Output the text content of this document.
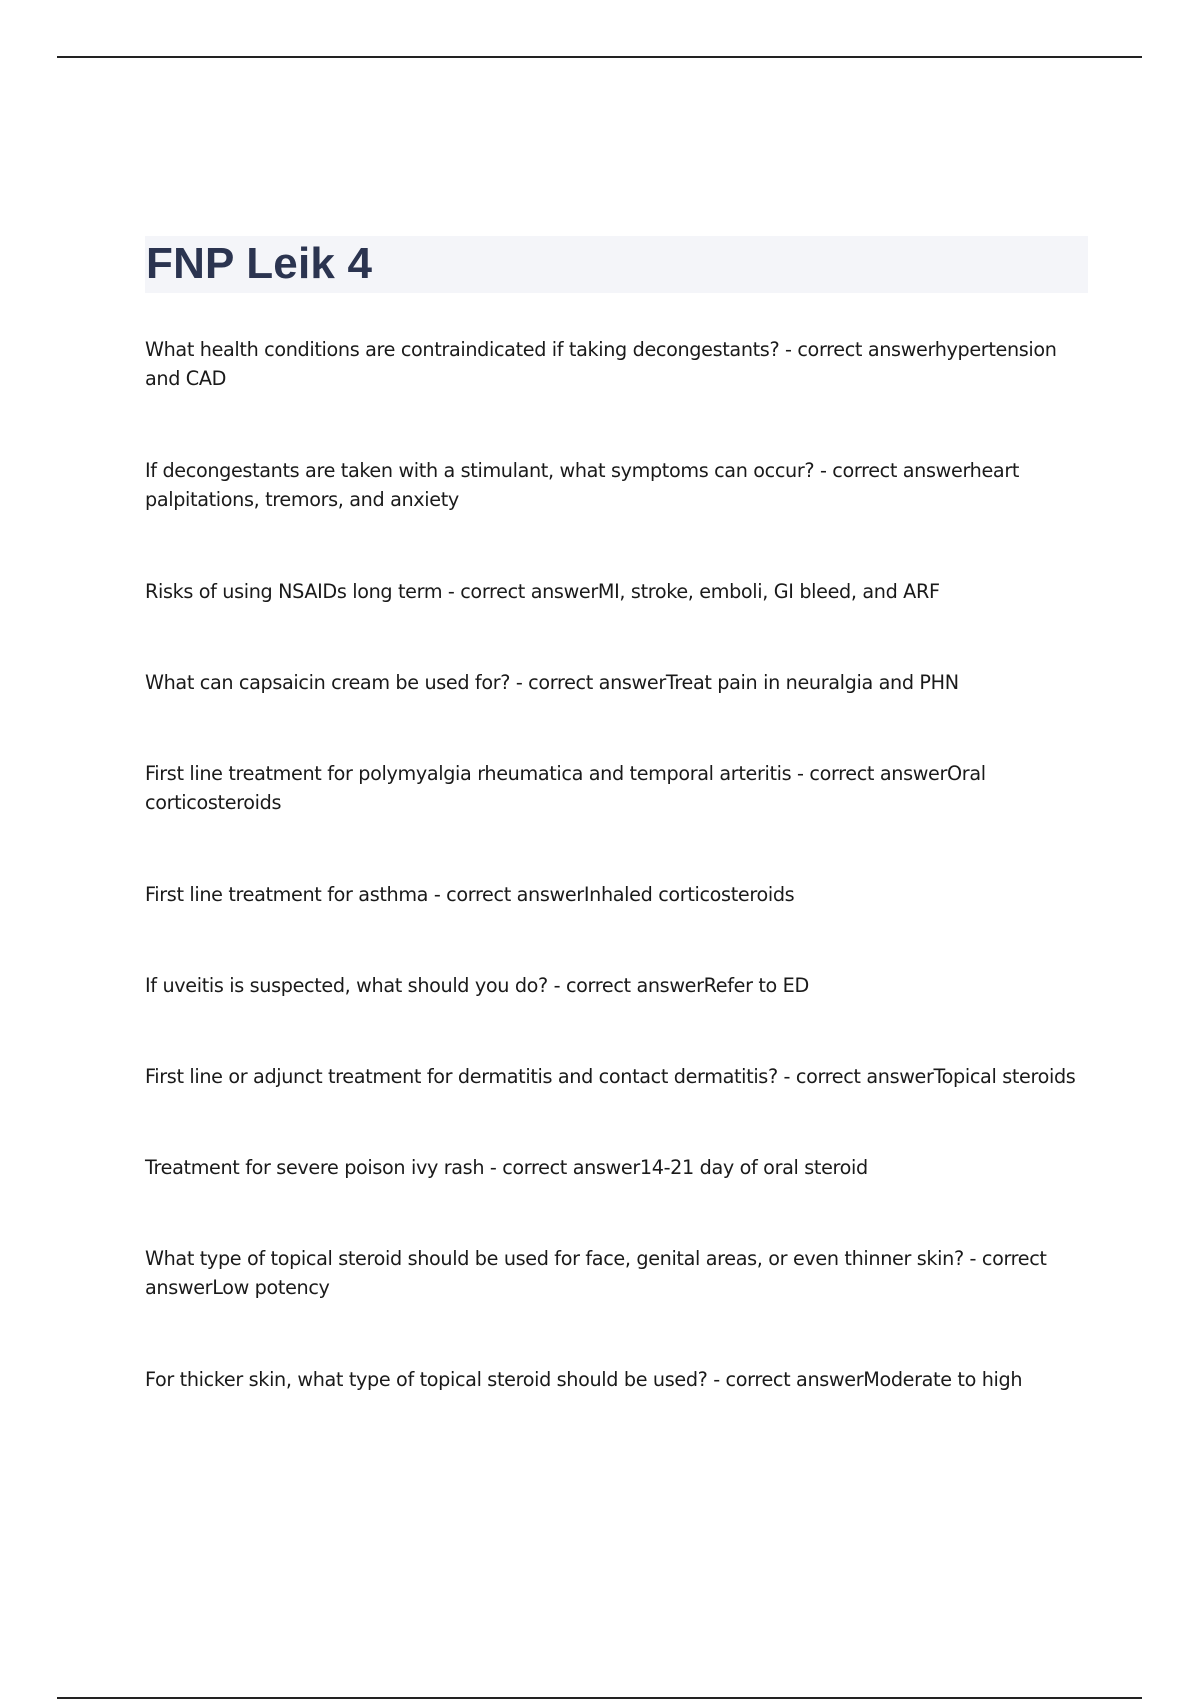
FNP Leik 4
What health conditions are contraindicated if taking decongestants? - correct answerhypertension and CAD
If decongestants are taken with a stimulant, what symptoms can occur? - correct answerheart palpitations, tremors, and anxiety
Risks of using NSAIDs long term - correct answerMI, stroke, emboli, GI bleed, and ARF
What can capsaicin cream be used for? - correct answerTreat pain in neuralgia and PHN
First line treatment for polymyalgia rheumatica and temporal arteritis - correct answerOral corticosteroids
First line treatment for asthma - correct answerInhaled corticosteroids
If uveitis is suspected, what should you do? - correct answerRefer to ED
First line or adjunct treatment for dermatitis and contact dermatitis? - correct answerTopical steroids
Treatment for severe poison ivy rash - correct answer14-21 day of oral steroid
What type of topical steroid should be used for face, genital areas, or even thinner skin? - correct answerLow potency
For thicker skin, what type of topical steroid should be used? - correct answerModerate to high
